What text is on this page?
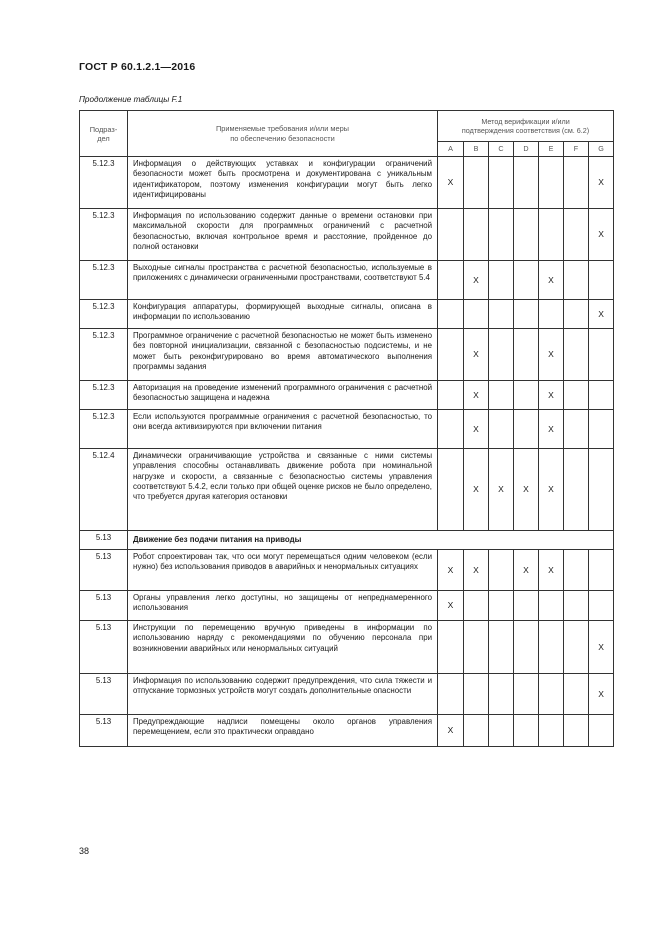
ГОСТ Р 60.1.2.1—2016
Продолжение таблицы F.1
Подраз-
дел	Применяемые требования и/или меры
по обеспечению безопасности	Метод верификации и/или
подтверждения соответствия (см. 6.2)						
		A	B	C	D	E	F	G
5.12.3	Информация о действующих уставках и конфигурации ограничений безопасности может быть просмотрена и документирована с уникальным идентификатором, поэтому изменения конфигурации могут быть легко идентифицированы	X						X
5.12.3	Информация по использованию содержит данные о времени остановки при максимальной скорости для программных ограничений с расчетной безопасностью, включая контрольное время и расстояние, пройденное до полной остановки							X
5.12.3	Выходные сигналы пространства с расчетной безопасностью, используемые в приложениях с динамически ограниченными пространствами, соответствуют 5.4		X			X		
5.12.3	Конфигурация аппаратуры, формирующей выходные сигналы, описана в информации по использованию							X
5.12.3	Программное ограничение с расчетной безопасностью не может быть изменено без повторной инициализации, связанной с безопасностью подсистемы, и не может быть реконфигурировано во время автоматического выполнения программы задания		X			X		
5.12.3	Авторизация на проведение изменений программного ограничения с расчетной безопасностью защищена и надежна		X			X		
5.12.3	Если используются программные ограничения с расчетной безопасностью, то они всегда активизируются при включении питания		X			X		
5.12.4	Динамически ограничивающие устройства и связанные с ними системы управления способны останавливать движение робота при номинальной нагрузке и скорости, а связанные с безопасностью системы управления соответствуют 5.4.2, если только при общей оценке рисков не было определено, что требуется другая категория остановки		X	X	X	X		
5.13	Движение без подачи питания на приводы							
5.13	Робот спроектирован так, что оси могут перемещаться одним человеком (если нужно) без использования приводов в аварийных и ненормальных ситуациях	X	X		X	X		
5.13	Органы управления легко доступны, но защищены от непреднамеренного использования	X						
5.13	Инструкции по перемещению вручную приведены в информации по использованию наряду с рекомендациями по обучению персонала при возникновении аварийных или ненормальных ситуаций							X
5.13	Информация по использованию содержит предупреждения, что сила тяжести и отпускание тормозных устройств могут создать дополнительные опасности							X
5.13	Предупреждающие надписи помещены около органов управления перемещением, если это практически оправдано	X						
38
